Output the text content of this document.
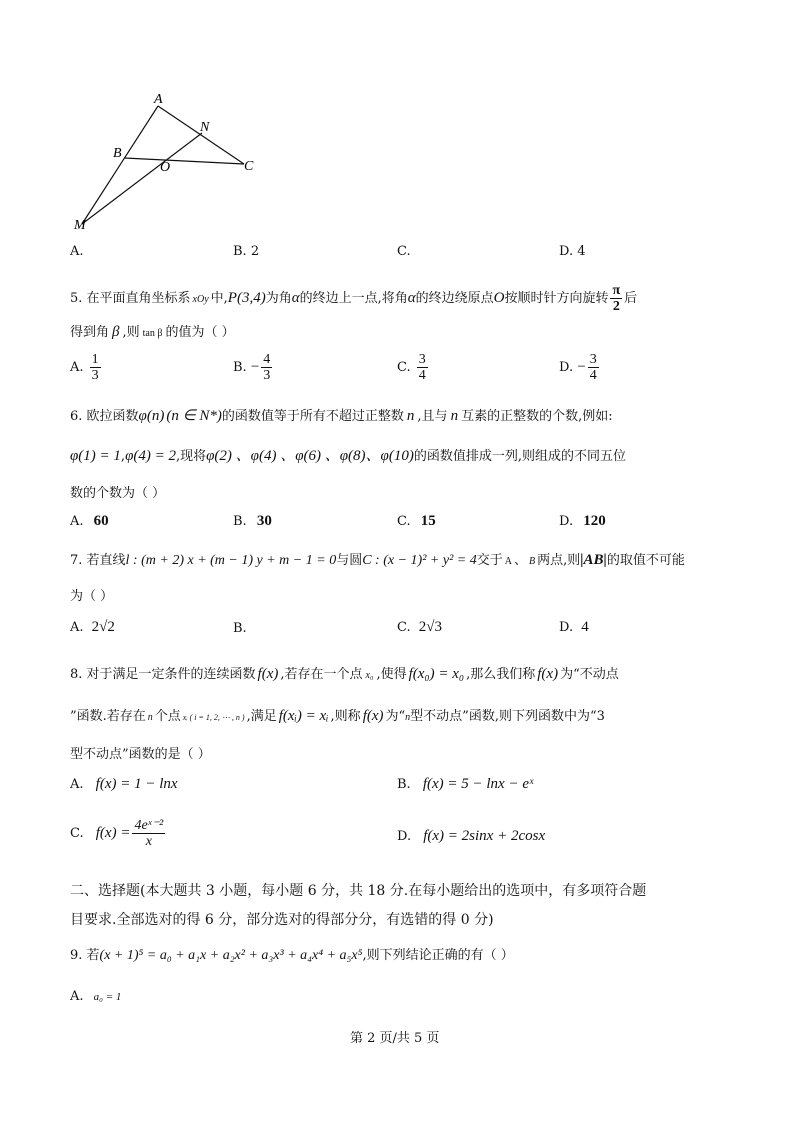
A
N
B
O	C
M
A.	B. 2	C.	D. 4
5. 在平面直角坐标系 xOy 中,P(3,4)为角α的终边上一点,将角α的终边绕原点O按顺时针方向旋转 $\frac{\pi}{2}$ 后
得到角 β ,则 tan β 的值为（ ）
A. $\frac{1}{3}$	B. − $\frac{4}{3}$	C. $\frac{3}{4}$	D. − $\frac{3}{4}$
6. 欧拉函数φ(n) (n ∈ N*)的函数值等于所有不超过正整数 n ,且与 n 互素的正整数的个数,例如:
φ(1) = 1,φ(4) = 2,现将φ(2) 、φ(4) 、φ(6) 、φ(8)、φ(10)的函数值排成一列,则组成的不同五位
数的个数为（ ）
A. 60	B. 30	C. 15	D. 120
7. 若直线l : (m + 2) x + (m − 1) y + m − 1 = 0与圆C : (x − 1)² + y² = 4交于 A 、 B 两点,则|AB|的取值不可能
为（ ）
A. 2√2	B.	C. 2√3	D. 4
8. 对于满足一定条件的连续函数 f(x) ,若存在一个点 x₀ ,使得 f(x₀) = x₀ ,那么我们称 f(x) 为“不动点
”函数.若存在 n 个点 xᵢ ( i = 1, 2, ⋯ , n ) ,满足 f(xᵢ) = xᵢ ,则称 f(x) 为“n型不动点”函数,则下列函数中为“3
型不动点”函数的是（ ）
A. f(x) = 1 − lnx	B. f(x) = 5 − lnx − eˣ
C. $f(x) = \frac{\text{4eˣ⁻²}}{x}$	D. f(x) = 2sinx + 2cosx
二、选择题(本大题共 3 小题，每小题 6 分，共 18 分.在每小题给出的选项中，有多项符合题
目要求.全部选对的得 6 分，部分选对的得部分分，有选错的得 0 分)
9. 若(x + 1)⁵ = a₀ + a₁x + a₂x² + a₃x³ + a₄x⁴ + a₅x⁵,则下列结论正确的有（ ）
A. a₀ = 1
第 2 页/共 5 页
